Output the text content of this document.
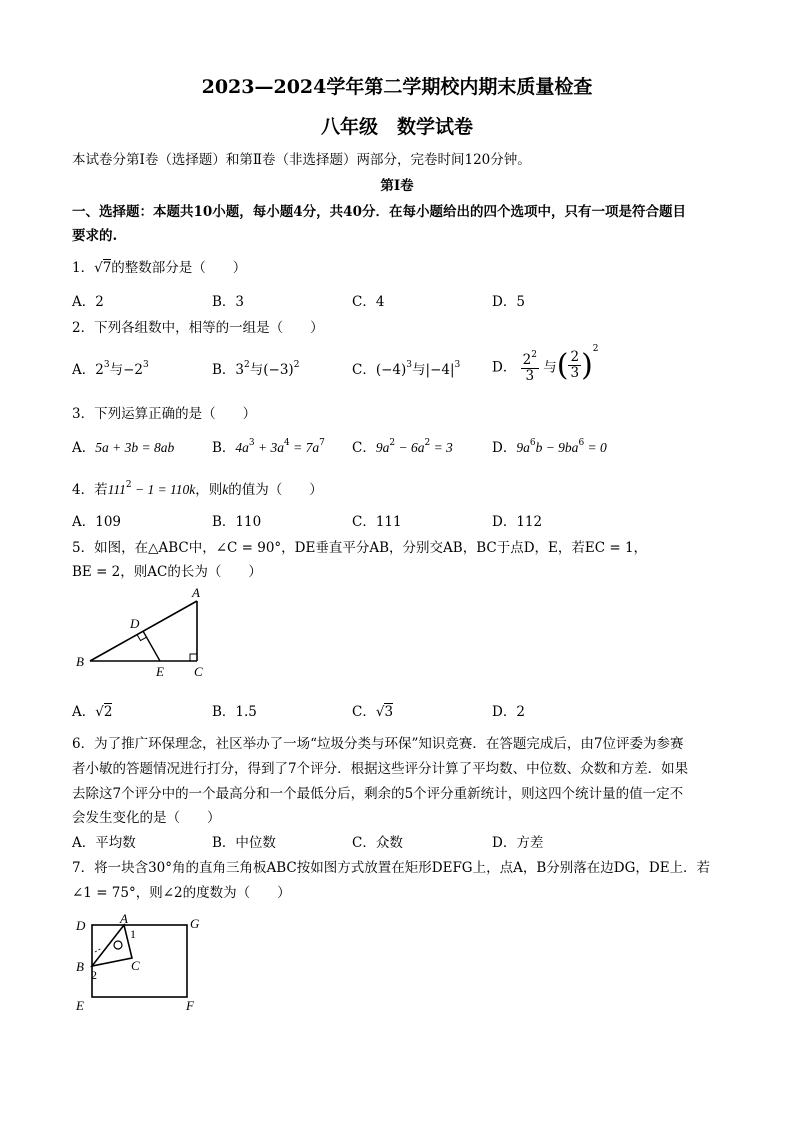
2023—2024学年第二学期校内期末质量检查
八年级　数学试卷
本试卷分第Ⅰ卷（选择题）和第Ⅱ卷（非选择题）两部分，完卷时间120分钟。
第Ⅰ卷
一、选择题：本题共10小题，每小题4分，共40分．在每小题给出的四个选项中，只有一项是符合题目
要求的.
1．√7的整数部分是（　　）
A．2	B．3	C．4	D．5
2．下列各组数中，相等的一组是（　　）
A．$2^3$与$-2^3$	B．$3^2$与$(-3)^2$	C．$(-4)^3$与$|-4|^3$ D． $\frac{2^2}{3}$ 与( $\frac{2}{3} )^2$
3．下列运算正确的是（　　）
A．5a + 3b = 8ab	B．$4a^3 + 3a^4 = 7a^7$ C．$9a^2 - 6a^2 = 3$	D．$9a^6b - 9ba^6 = 0$
4．若$111^2 - 1 = 110k$，则k的值为（　　）
A．109	B．110	C．111	D．112
5．如图，在△ABC中，∠C = 90°，DE垂直平分AB，分别交AB，BC于点D，E，若EC = 1，
BE = 2，则AC的长为（　　）
A
B
C
D
E
A．√2	B．1.5	C．√3	D．2
6．为了推广环保理念，社区举办了一场“垃圾分类与环保”知识竞赛．在答题完成后，由7位评委为参赛
者小敏的答题情况进行打分，得到了7个评分．根据这些评分计算了平均数、中位数、众数和方差．如果
去除这7个评分中的一个最高分和一个最低分后，剩余的5个评分重新统计，则这四个统计量的值一定不
会发生变化的是（　　）
A．平均数	B．中位数	C．众数	D．方差
7．将一块含30°角的直角三角板ABC按如图方式放置在矩形DEFG上，点A，B分别落在边DG，DE上．若
∠1 = 75°，则∠2的度数为（　　）
D	A	G
1
B	C
2
E	F
